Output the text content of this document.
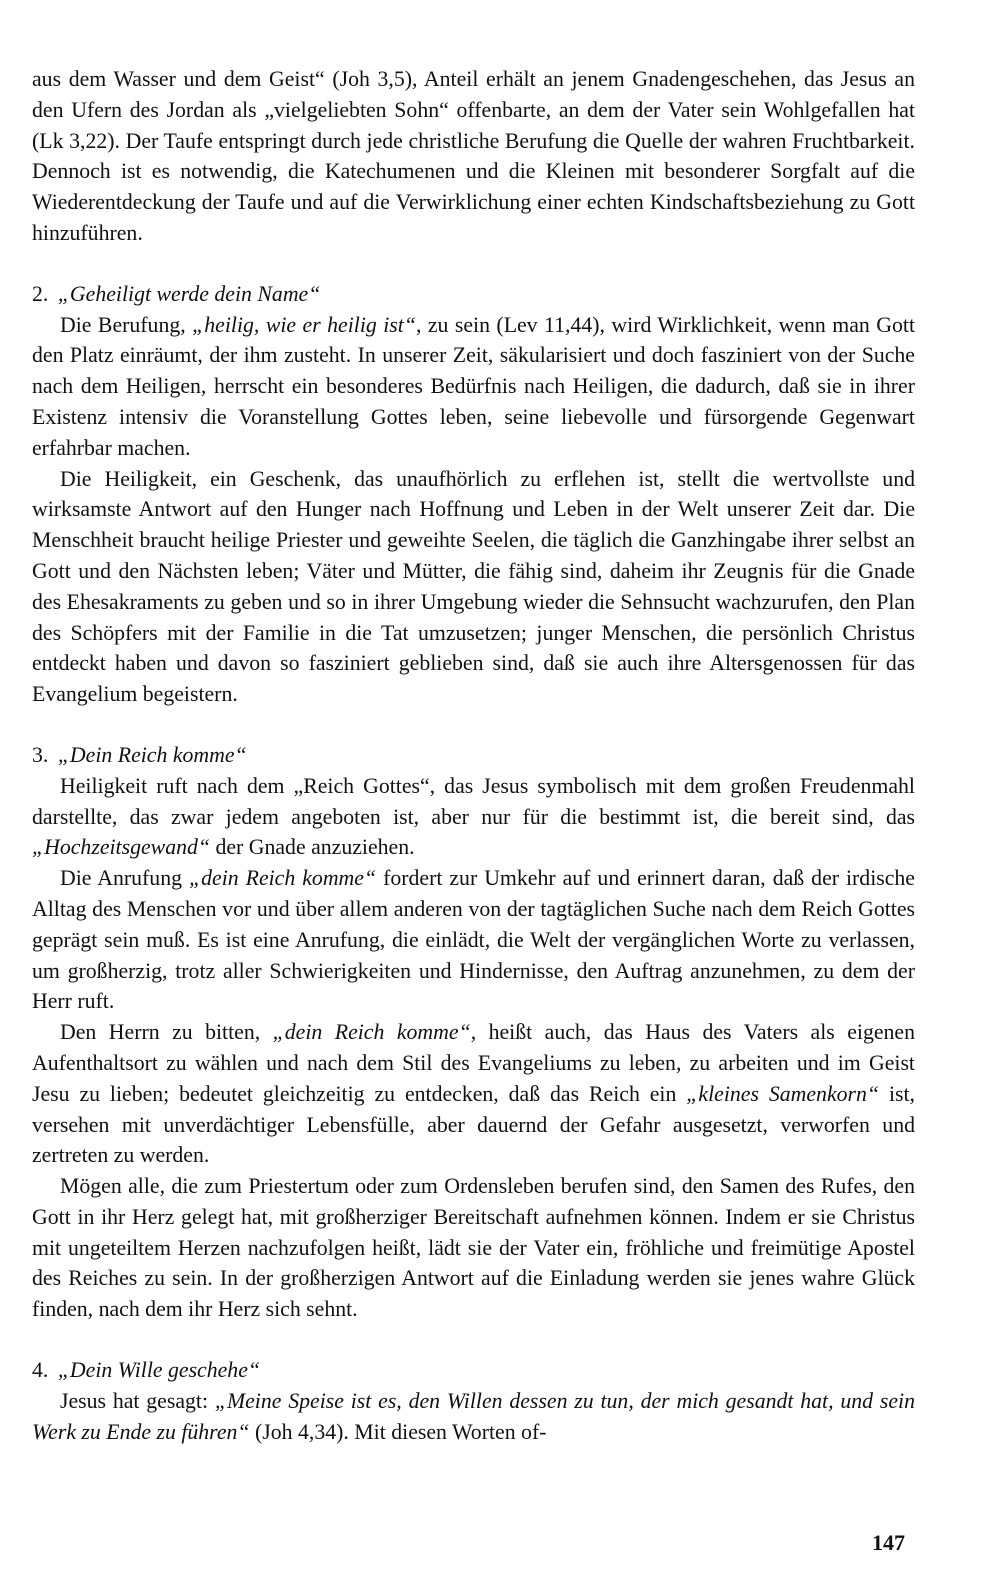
aus dem Wasser und dem Geist“ (Joh 3,5), Anteil erhält an jenem Gnadengeschehen, das Jesus an den Ufern des Jordan als „vielgeliebten Sohn“ offenbarte, an dem der Vater sein Wohlgefallen hat (Lk 3,22). Der Taufe entspringt durch jede christliche Berufung die Quelle der wahren Fruchtbarkeit. Dennoch ist es notwendig, die Katechumenen und die Kleinen mit besonderer Sorgfalt auf die Wiederentdeckung der Taufe und auf die Verwirklichung einer echten Kindschaftsbeziehung zu Gott hinzuführen.

2. „Geheiligt werde dein Name“

Die Berufung, „heilig, wie er heilig ist“, zu sein (Lev 11,44), wird Wirklichkeit, wenn man Gott den Platz einräumt, der ihm zusteht. In unserer Zeit, säkularisiert und doch fasziniert von der Suche nach dem Heiligen, herrscht ein besonderes Bedürfnis nach Heiligen, die dadurch, daß sie in ihrer Existenz intensiv die Voranstellung Gottes leben, seine liebevolle und fürsorgende Gegenwart erfahrbar machen.

Die Heiligkeit, ein Geschenk, das unaufhörlich zu erflehen ist, stellt die wertvollste und wirksamste Antwort auf den Hunger nach Hoffnung und Leben in der Welt unserer Zeit dar. Die Menschheit braucht heilige Priester und geweihte Seelen, die täglich die Ganzhingabe ihrer selbst an Gott und den Nächsten leben; Väter und Mütter, die fähig sind, daheim ihr Zeugnis für die Gnade des Ehesakraments zu geben und so in ihrer Umgebung wieder die Sehnsucht wachzurufen, den Plan des Schöpfers mit der Familie in die Tat umzusetzen; junger Menschen, die persönlich Christus entdeckt haben und davon so fasziniert geblieben sind, daß sie auch ihre Altersgenossen für das Evangelium begeistern.

3. „Dein Reich komme“

Heiligkeit ruft nach dem „Reich Gottes“, das Jesus symbolisch mit dem großen Freudenmahl darstellte, das zwar jedem angeboten ist, aber nur für die bestimmt ist, die bereit sind, das „Hochzeitsgewand“ der Gnade anzuziehen.

Die Anrufung „dein Reich komme“ fordert zur Umkehr auf und erinnert daran, daß der irdische Alltag des Menschen vor und über allem anderen von der tagtäglichen Suche nach dem Reich Gottes geprägt sein muß. Es ist eine Anrufung, die einlädt, die Welt der vergänglichen Worte zu verlassen, um großherzig, trotz aller Schwierigkeiten und Hindernisse, den Auftrag anzunehmen, zu dem der Herr ruft.

Den Herrn zu bitten, „dein Reich komme“, heißt auch, das Haus des Vaters als eigenen Aufenthaltsort zu wählen und nach dem Stil des Evangeliums zu leben, zu arbeiten und im Geist Jesu zu lieben; bedeutet gleichzeitig zu entdecken, daß das Reich ein „kleines Samenkorn“ ist, versehen mit unverdächtiger Lebensfülle, aber dauernd der Gefahr ausgesetzt, verworfen und zertreten zu werden.

Mögen alle, die zum Priestertum oder zum Ordensleben berufen sind, den Samen des Rufes, den Gott in ihr Herz gelegt hat, mit großherziger Bereitschaft aufnehmen können. Indem er sie Christus mit ungeteiltem Herzen nachzufolgen heißt, lädt sie der Vater ein, fröhliche und freimütige Apostel des Reiches zu sein. In der großherzigen Antwort auf die Einladung werden sie jenes wahre Glück finden, nach dem ihr Herz sich sehnt.

4. „Dein Wille geschehe“

Jesus hat gesagt: „Meine Speise ist es, den Willen dessen zu tun, der mich gesandt hat, und sein Werk zu Ende zu führen“ (Joh 4,34). Mit diesen Worten of-

147
